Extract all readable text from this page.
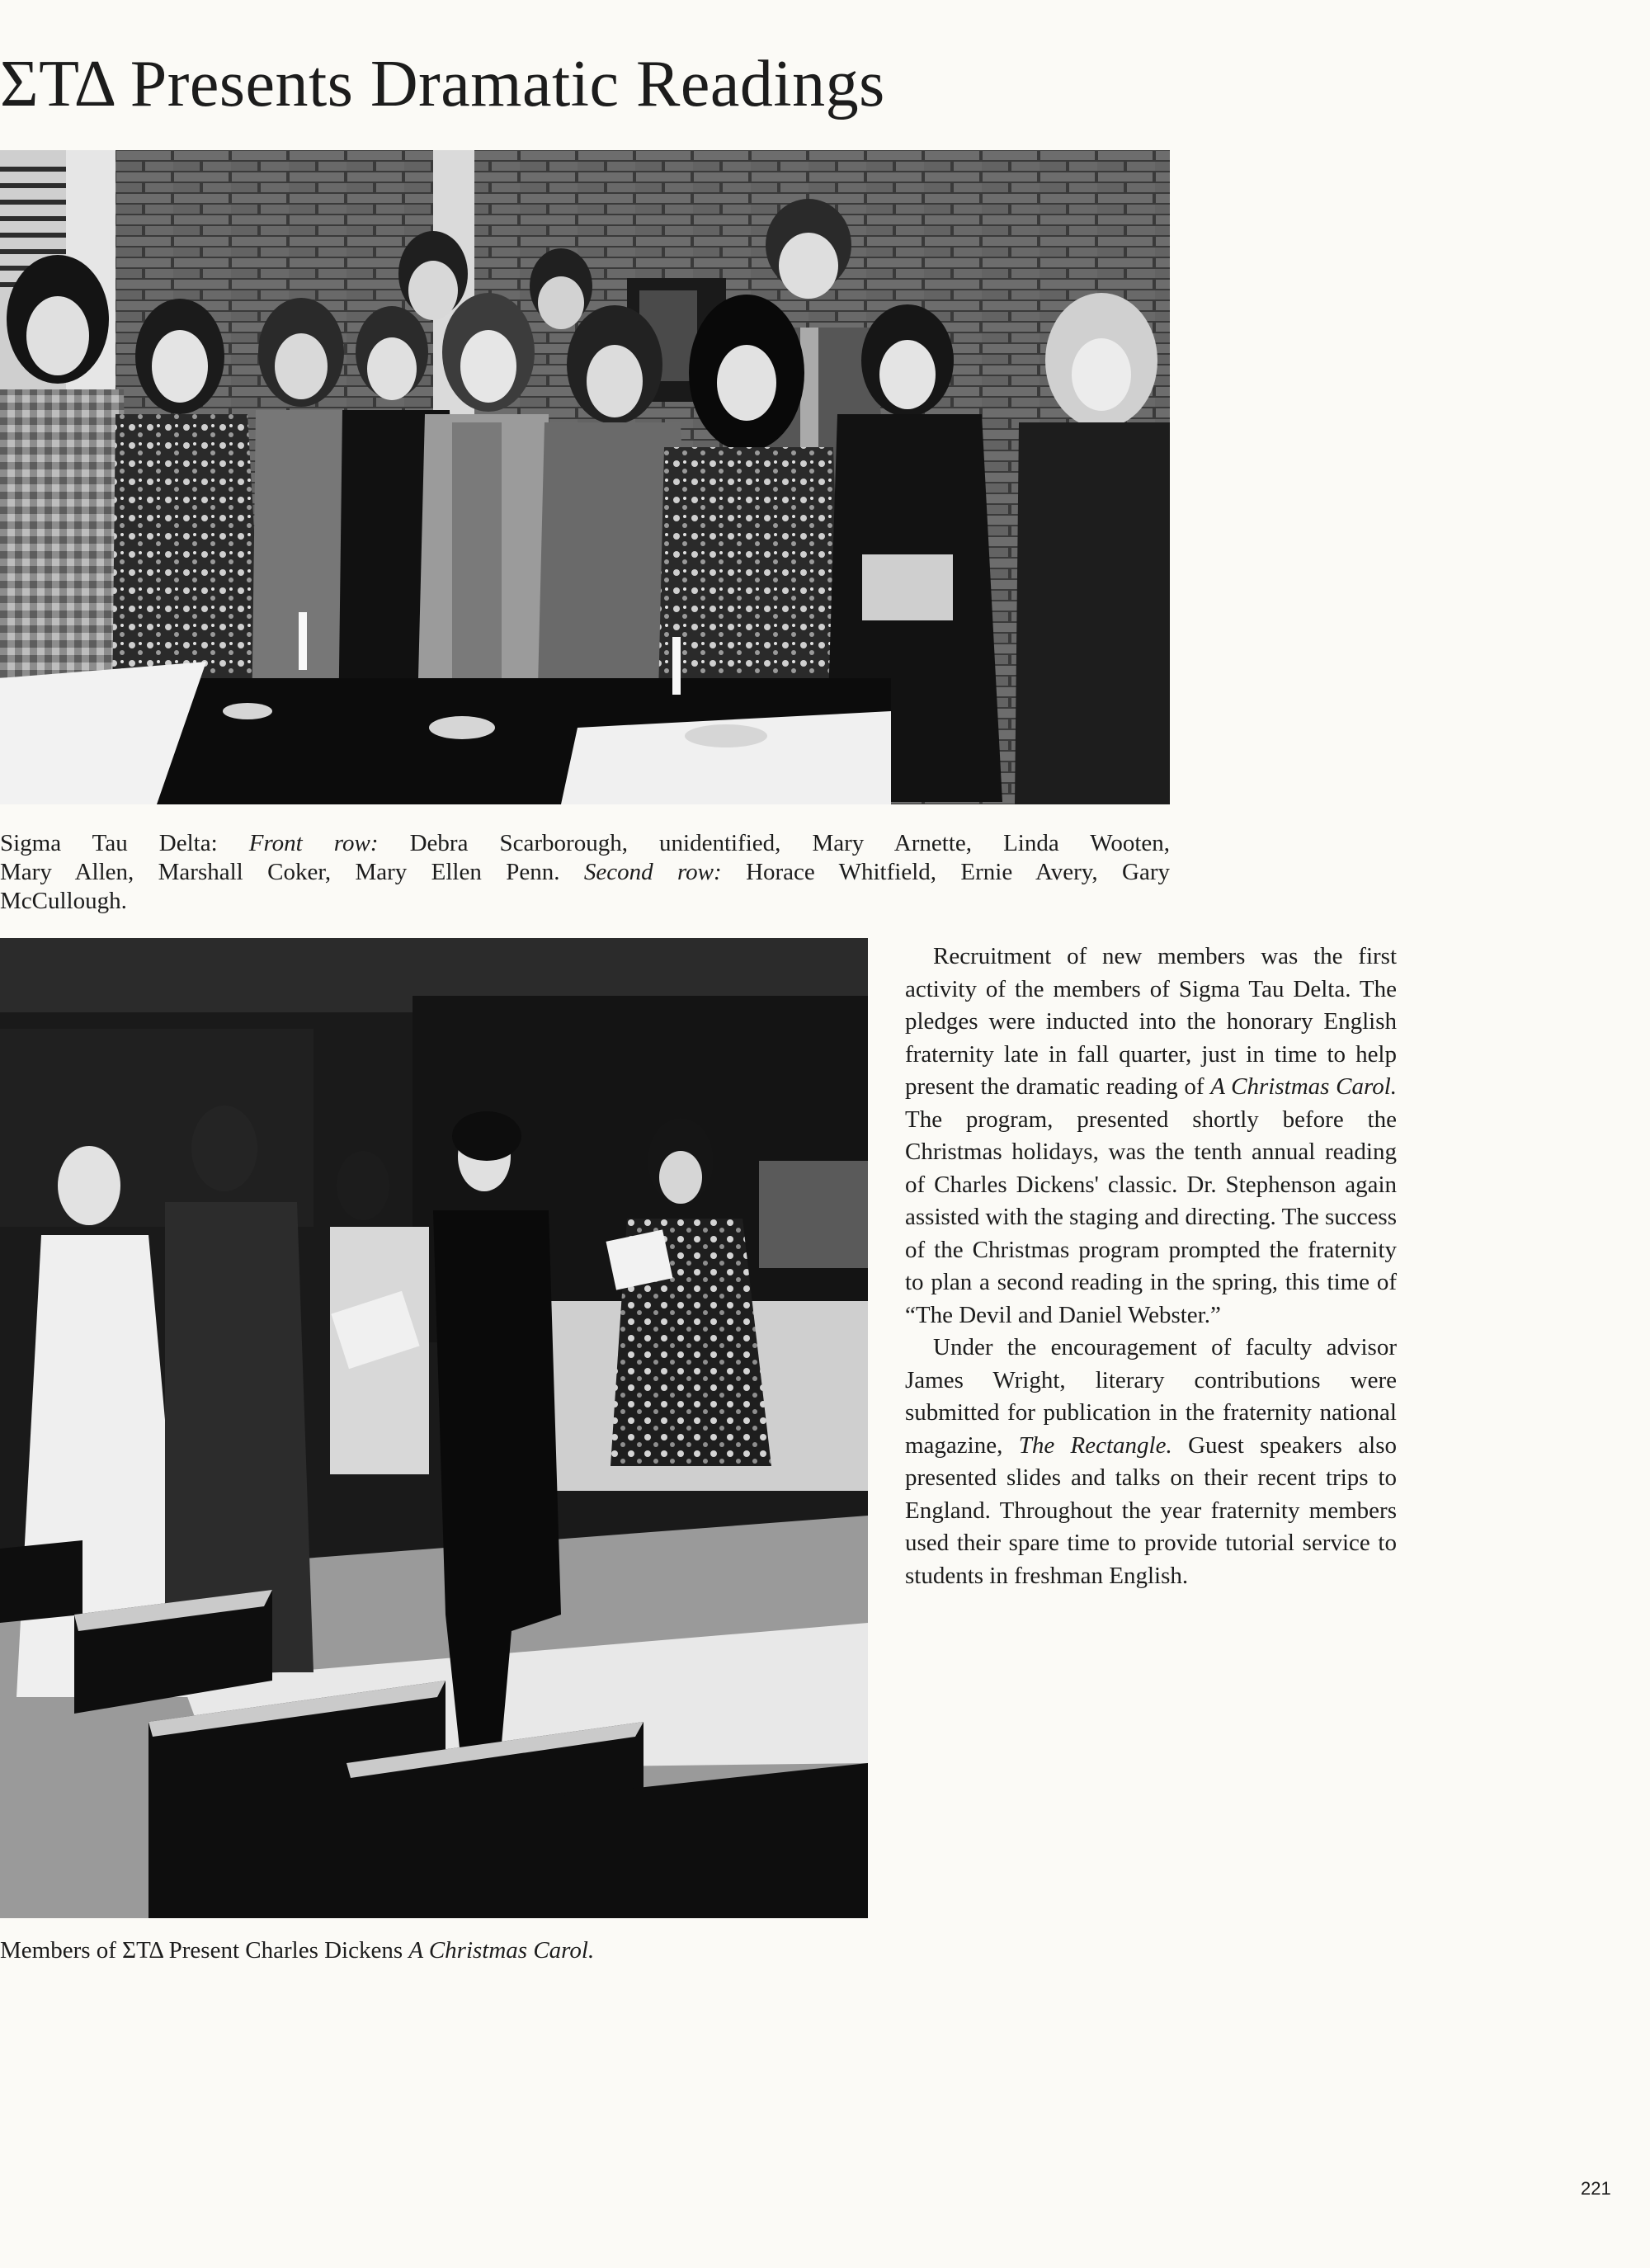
ΣΤΔ Presents Dramatic Readings

Sigma Tau Delta: Front row: Debra Scarborough, unidentified, Mary Arnette, Linda Wooten,
Mary Allen, Marshall Coker, Mary Ellen Penn. Second row: Horace Whitfield, Ernie Avery, Gary
McCullough.

Members of ΣΤΔ Present Charles Dickens A Christmas Carol.

Recruitment of new members was the first activity of the members of Sigma Tau Delta. The pledges were inducted into the honorary English fraternity late in fall quarter, just in time to help present the dramatic reading of A Christmas Carol. The program, presented shortly before the Christmas holidays, was the tenth annual reading of Charles Dickens' classic. Dr. Stephenson again assisted with the staging and directing. The success of the Christmas program prompted the fraternity to plan a second reading in the spring, this time of “The Devil and Daniel Webster.”

Under the encouragement of faculty advisor James Wright, literary contributions were submitted for publication in the fraternity national magazine, The Rectangle. Guest speakers also presented slides and talks on their recent trips to England. Throughout the year fraternity members used their spare time to provide tutorial service to students in freshman English.

221
